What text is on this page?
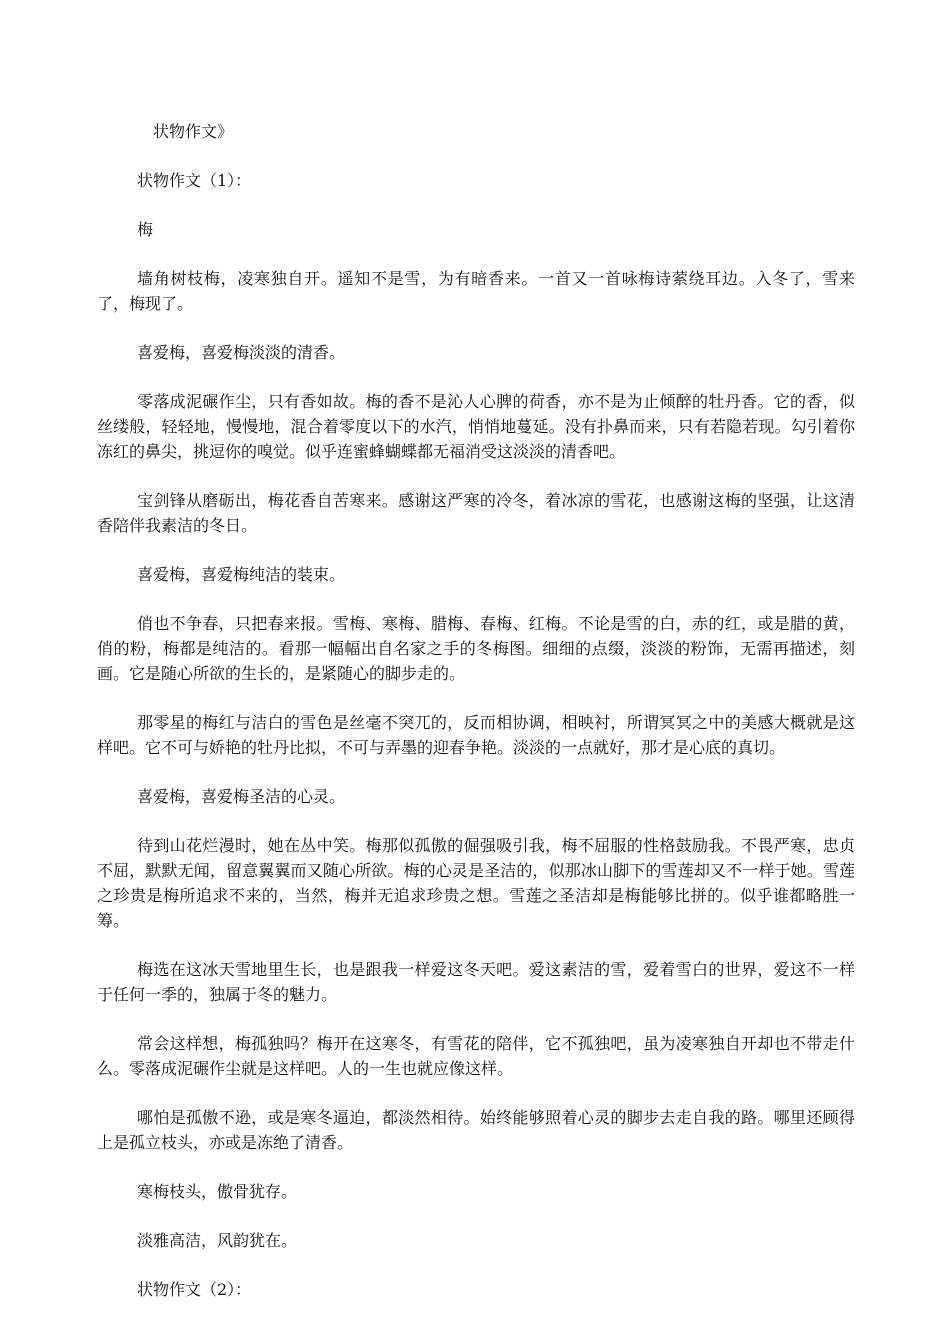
状物作文》

状物作文（1）：

梅

墙角树枝梅，凌寒独自开。遥知不是雪，为有暗香来。一首又一首咏梅诗萦绕耳边。入冬了，雪来了，梅现了。

喜爱梅，喜爱梅淡淡的清香。

零落成泥碾作尘，只有香如故。梅的香不是沁人心脾的荷香，亦不是为止倾醉的牡丹香。它的香，似丝缕般，轻轻地，慢慢地，混合着零度以下的水汽，悄悄地蔓延。没有扑鼻而来，只有若隐若现。勾引着你冻红的鼻尖，挑逗你的嗅觉。似乎连蜜蜂蝴蝶都无福消受这淡淡的清香吧。

宝剑锋从磨砺出，梅花香自苦寒来。感谢这严寒的冷冬，着冰凉的雪花，也感谢这梅的坚强，让这清香陪伴我素洁的冬日。

喜爱梅，喜爱梅纯洁的装束。

俏也不争春，只把春来报。雪梅、寒梅、腊梅、春梅、红梅。不论是雪的白，赤的红，或是腊的黄，俏的粉，梅都是纯洁的。看那一幅幅出自名家之手的冬梅图。细细的点缀，淡淡的粉饰，无需再描述，刻画。它是随心所欲的生长的，是紧随心的脚步走的。

那零星的梅红与洁白的雪色是丝毫不突兀的，反而相协调，相映衬，所谓冥冥之中的美感大概就是这样吧。它不可与娇艳的牡丹比拟，不可与弄墨的迎春争艳。淡淡的一点就好，那才是心底的真切。

喜爱梅，喜爱梅圣洁的心灵。

待到山花烂漫时，她在丛中笑。梅那似孤傲的倔强吸引我，梅不屈服的性格鼓励我。不畏严寒，忠贞不屈，默默无闻，留意翼翼而又随心所欲。梅的心灵是圣洁的，似那冰山脚下的雪莲却又不一样于她。雪莲之珍贵是梅所追求不来的，当然，梅并无追求珍贵之想。雪莲之圣洁却是梅能够比拼的。似乎谁都略胜一筹。

梅选在这冰天雪地里生长，也是跟我一样爱这冬天吧。爱这素洁的雪，爱着雪白的世界，爱这不一样于任何一季的，独属于冬的魅力。

常会这样想，梅孤独吗？梅开在这寒冬，有雪花的陪伴，它不孤独吧，虽为凌寒独自开却也不带走什么。零落成泥碾作尘就是这样吧。人的一生也就应像这样。

哪怕是孤傲不逊，或是寒冬逼迫，都淡然相待。始终能够照着心灵的脚步去走自我的路。哪里还顾得上是孤立枝头，亦或是冻绝了清香。

寒梅枝头，傲骨犹存。

淡雅高洁，风韵犹在。

状物作文（2）：
